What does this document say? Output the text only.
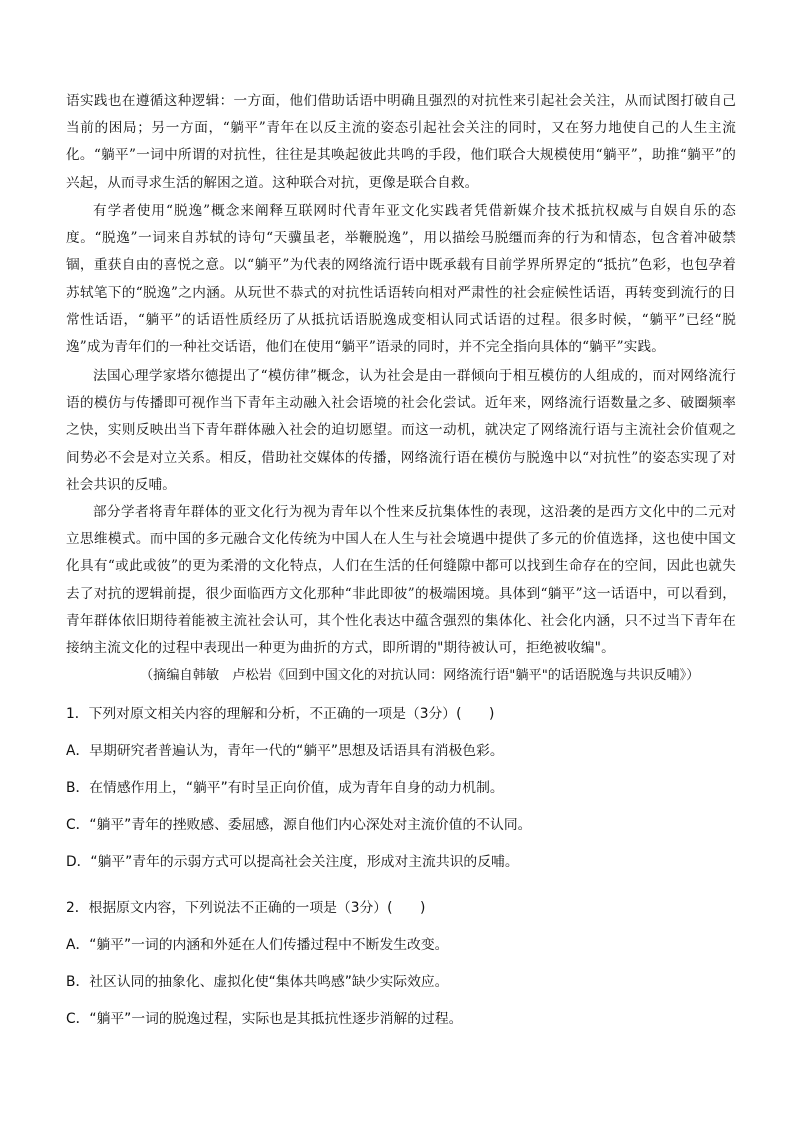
语实践也在遵循这种逻辑：一方面，他们借助话语中明确且强烈的对抗性来引起社会关注，从而试图打破自己当前的困局；另一方面，“躺平”青年在以反主流的姿态引起社会关注的同时，又在努力地使自己的人生主流化。“躺平”一词中所谓的对抗性，往往是其唤起彼此共鸣的手段，他们联合大规模使用“躺平”，助推“躺平”的兴起，从而寻求生活的解困之道。这种联合对抗，更像是联合自救。

有学者使用“脱逸”概念来阐释互联网时代青年亚文化实践者凭借新媒介技术抵抗权威与自娱自乐的态度。“脱逸”一词来自苏轼的诗句“天骥虽老，举鞭脱逸”，用以描绘马脱缰而奔的行为和情态，包含着冲破禁锢，重获自由的喜悦之意。以“躺平”为代表的网络流行语中既承载有目前学界所界定的“抵抗”色彩，也包孕着苏轼笔下的“脱逸”之内涵。从玩世不恭式的对抗性话语转向相对严肃性的社会症候性话语，再转变到流行的日常性话语，“躺平”的话语性质经历了从抵抗话语脱逸成变相认同式话语的过程。很多时候，“躺平”已经“脱逸”成为青年们的一种社交话语，他们在使用“躺平”语录的同时，并不完全指向具体的“躺平”实践。

法国心理学家塔尔德提出了“模仿律”概念，认为社会是由一群倾向于相互模仿的人组成的，而对网络流行语的模仿与传播即可视作当下青年主动融入社会语境的社会化尝试。近年来，网络流行语数量之多、破圈频率之快，实则反映出当下青年群体融入社会的迫切愿望。而这一动机，就决定了网络流行语与主流社会价值观之间势必不会是对立关系。相反，借助社交媒体的传播，网络流行语在模仿与脱逸中以“对抗性”的姿态实现了对社会共识的反哺。

部分学者将青年群体的亚文化行为视为青年以个性来反抗集体性的表现，这沿袭的是西方文化中的二元对立思维模式。而中国的多元融合文化传统为中国人在人生与社会境遇中提供了多元的价值选择，这也使中国文化具有“或此或彼”的更为柔滑的文化特点，人们在生活的任何缝隙中都可以找到生命存在的空间，因此也就失去了对抗的逻辑前提，很少面临西方文化那种“非此即彼”的极端困境。具体到“躺平”这一话语中，可以看到，青年群体依旧期待着能被主流社会认可，其个性化表达中蕴含强烈的集体化、社会化内涵，只不过当下青年在接纳主流文化的过程中表现出一种更为曲折的方式，即所谓的"期待被认可，拒绝被收编"。

（摘编自韩敏　卢松岩《回到中国文化的对抗认同：网络流行语"躺平"的话语脱逸与共识反哺》）

1．下列对原文相关内容的理解和分析，不正确的一项是（3分）(　　)

A．早期研究者普遍认为，青年一代的“躺平”思想及话语具有消极色彩。

B．在情感作用上，“躺平”有时呈正向价值，成为青年自身的动力机制。

C．“躺平”青年的挫败感、委屈感，源自他们内心深处对主流价值的不认同。

D．“躺平”青年的示弱方式可以提高社会关注度，形成对主流共识的反哺。

2．根据原文内容，下列说法不正确的一项是（3分）(　　)

A．“躺平”一词的内涵和外延在人们传播过程中不断发生改变。

B．社区认同的抽象化、虚拟化使“集体共鸣感”缺少实际效应。

C．“躺平”一词的脱逸过程，实际也是其抵抗性逐步消解的过程。
